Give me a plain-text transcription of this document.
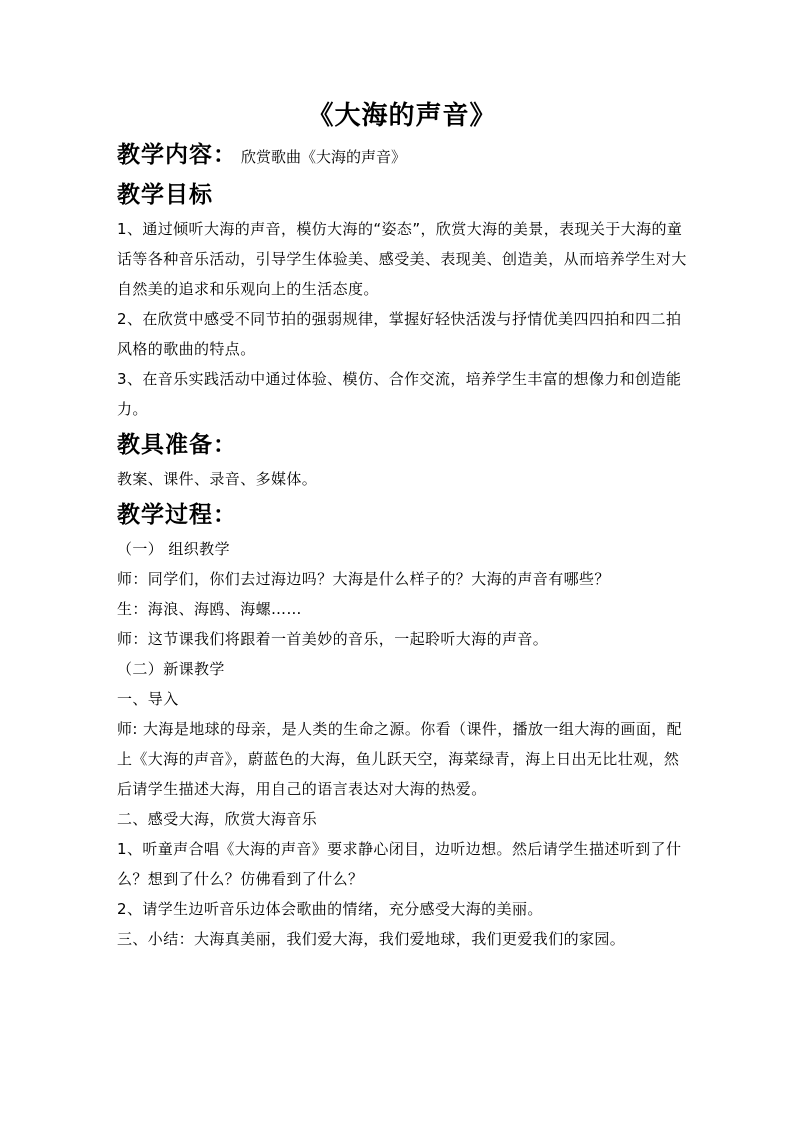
《大海的声音》

教学内容： 欣赏歌曲《大海的声音》

教学目标

1、通过倾听大海的声音，模仿大海的“姿态”，欣赏大海的美景，表现关于大海的童话等各种音乐活动，引导学生体验美、感受美、表现美、创造美，从而培养学生对大自然美的追求和乐观向上的生活态度。

2、在欣赏中感受不同节拍的强弱规律，掌握好轻快活泼与抒情优美四四拍和四二拍风格的歌曲的特点。

3、在音乐实践活动中通过体验、模仿、合作交流，培养学生丰富的想像力和创造能力。

教具准备：

教案、课件、录音、多媒体。

教学过程：

（一） 组织教学

师：同学们，你们去过海边吗？大海是什么样子的？大海的声音有哪些？

生：海浪、海鸥、海螺……

师：这节课我们将跟着一首美妙的音乐，一起聆听大海的声音。

（二）新课教学

一、导入

师: 大海是地球的母亲，是人类的生命之源。你看（课件，播放一组大海的画面，配上《大海的声音》，蔚蓝色的大海，鱼儿跃天空，海菜绿青，海上日出无比壮观，然后请学生描述大海，用自己的语言表达对大海的热爱。

二、感受大海，欣赏大海音乐

1、听童声合唱《大海的声音》要求静心闭目，边听边想。然后请学生描述听到了什么？想到了什么？仿佛看到了什么？

2、请学生边听音乐边体会歌曲的情绪，充分感受大海的美丽。

三、小结：大海真美丽，我们爱大海，我们爱地球，我们更爱我们的家园。
